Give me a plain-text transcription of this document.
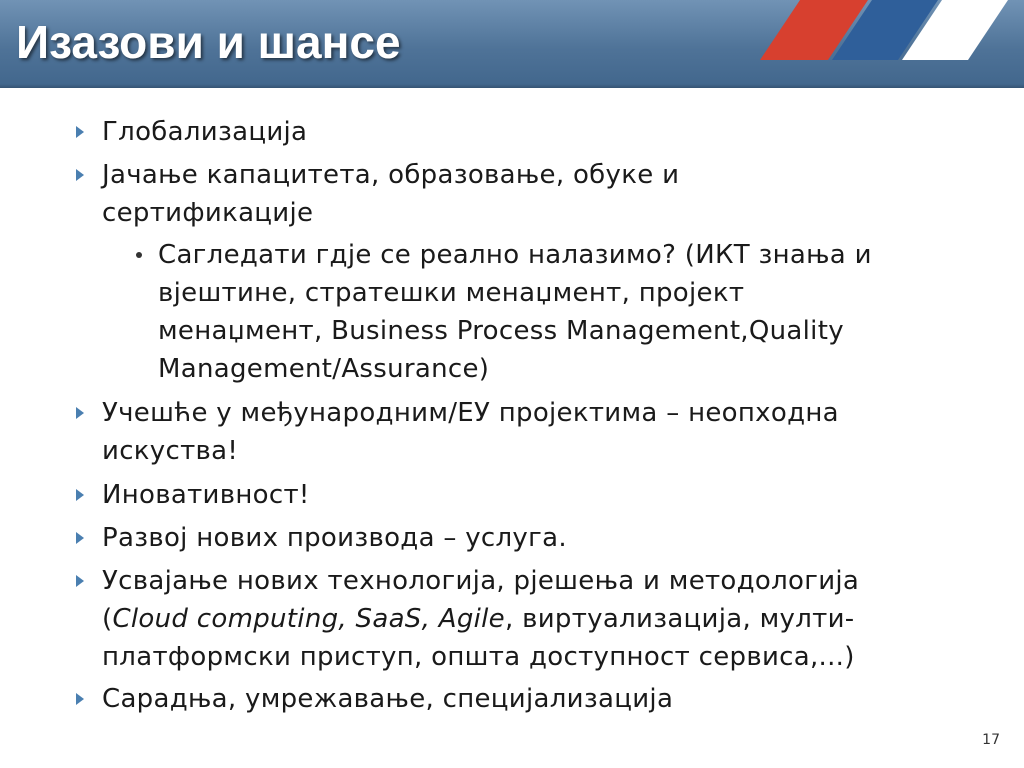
Изазови и шансе
Глобализација
Јачање капацитета, образовање, обуке и
сертификације
Сагледати гдје се реално налазимо? (ИКТ знања и
вјештине, стратешки менаџмент, пројект
менаџмент, Business Process Management,Quality
Management/Assurance)
Учешће у међународним/ЕУ пројектима – неопходна
искуства!
Иновативност!
Развој нових производа – услуга.
Усвајање нових технологија, рјешења и методологија
(Cloud computing, SaaS, Agile, виртуализација, мулти-
платформски приступ, општа доступност сервиса,...)
Сарадња, умрежавање, специјализација
17
